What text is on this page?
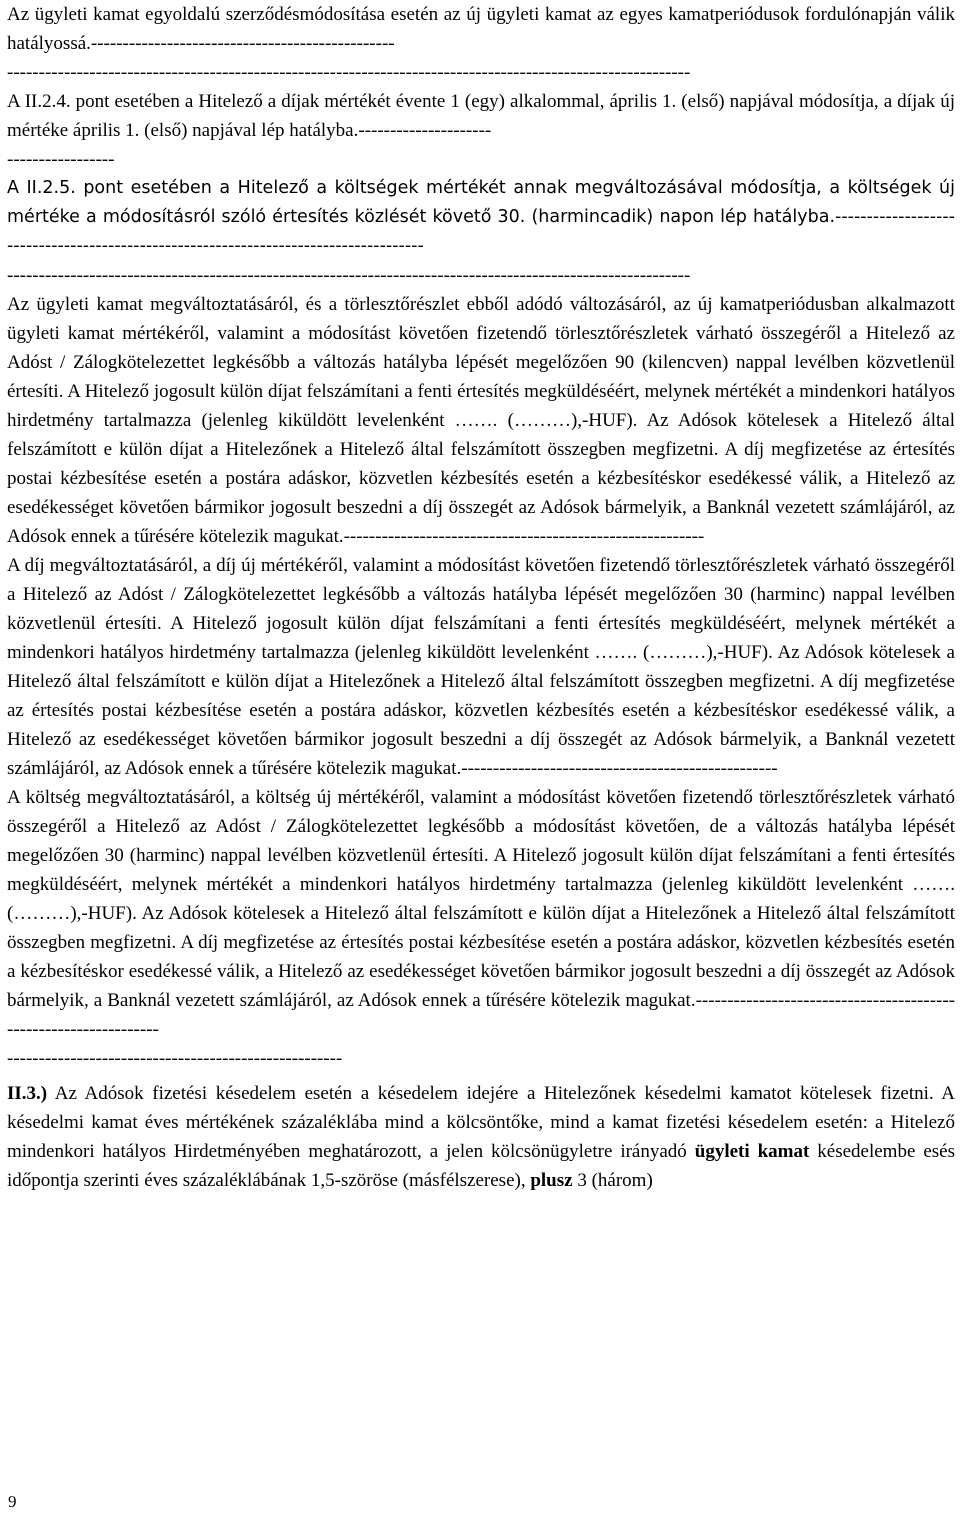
Az ügyleti kamat egyoldalú szerződésmódosítása esetén az új ügyleti kamat az egyes kamatperiódusok fordulónapján válik hatályossá.------------------------------------------------

------------------------------------------------------------------------------------------------------------

A II.2.4. pont esetében a Hitelező a díjak mértékét évente 1 (egy) alkalommal, április 1. (első) napjával módosítja, a díjak új mértéke április 1. (első) napjával lép hatályba.---------------------

-----------------

A II.2.5. pont esetében a Hitelező a költségek mértékét annak megváltozásával módosítja, a költségek új mértéke a módosításról szóló értesítés közlését követő 30. (harmincadik) napon lép hatályba.-------------------------------------------------------------------------------------

------------------------------------------------------------------------------------------------------------

Az ügyleti kamat megváltoztatásáról, és a törlesztőrészlet ebből adódó változásáról, az új kamatperiódusban alkalmazott ügyleti kamat mértékéről, valamint a módosítást követően fizetendő törlesztőrészletek várható összegéről a Hitelező az Adóst / Zálogkötelezettet legkésőbb a változás hatályba lépését megelőzően 90 (kilencven) nappal levélben közvetlenül értesíti. A Hitelező jogosult külön díjat felszámítani a fenti értesítés megküldéséért, melynek mértékét a mindenkori hatályos hirdetmény tartalmazza (jelenleg kiküldött levelenként ……. (………),-HUF). Az Adósok kötelesek a Hitelező által felszámított e külön díjat a Hitelezőnek a Hitelező által felszámított összegben megfizetni. A díj megfizetése az értesítés postai kézbesítése esetén a postára adáskor, közvetlen kézbesítés esetén a kézbesítéskor esedékessé válik, a Hitelező az esedékességet követően bármikor jogosult beszedni a díj összegét az Adósok bármelyik, a Banknál vezetett számlájáról, az Adósok ennek a tűrésére kötelezik magukat.---------------------------------------------------------

A díj megváltoztatásáról, a díj új mértékéről, valamint a módosítást követően fizetendő törlesztőrészletek várható összegéről a Hitelező az Adóst / Zálogkötelezettet legkésőbb a változás hatályba lépését megelőzően 30 (harminc) nappal levélben közvetlenül értesíti. A Hitelező jogosult külön díjat felszámítani a fenti értesítés megküldéséért, melynek mértékét a mindenkori hatályos hirdetmény tartalmazza (jelenleg kiküldött levelenként ……. (………),-HUF). Az Adósok kötelesek a Hitelező által felszámított e külön díjat a Hitelezőnek a Hitelező által felszámított összegben megfizetni. A díj megfizetése az értesítés postai kézbesítése esetén a postára adáskor, közvetlen kézbesítés esetén a kézbesítéskor esedékessé válik, a Hitelező az esedékességet követően bármikor jogosult beszedni a díj összegét az Adósok bármelyik, a Banknál vezetett számlájáról, az Adósok ennek a tűrésére kötelezik magukat.--------------------------------------------------

A költség megváltoztatásáról, a költség új mértékéről, valamint a módosítást követően fizetendő törlesztőrészletek várható összegéről a Hitelező az Adóst / Zálogkötelezettet legkésőbb a módosítást követően, de a változás hatályba lépését megelőzően 30 (harminc) nappal levélben közvetlenül értesíti. A Hitelező jogosult külön díjat felszámítani a fenti értesítés megküldéséért, melynek mértékét a mindenkori hatályos hirdetmény tartalmazza (jelenleg kiküldött levelenként ……. (………),-HUF). Az Adósok kötelesek a Hitelező által felszámított e külön díjat a Hitelezőnek a Hitelező által felszámított összegben megfizetni. A díj megfizetése az értesítés postai kézbesítése esetén a postára adáskor, közvetlen kézbesítés esetén a kézbesítéskor esedékessé válik, a Hitelező az esedékességet követően bármikor jogosult beszedni a díj összegét az Adósok bármelyik, a Banknál vezetett számlájáról, az Adósok ennek a tűrésére kötelezik magukat.-----------------------------------------------------------------

-----------------------------------------------------

II.3.) Az Adósok fizetési késedelem esetén a késedelem idejére a Hitelezőnek késedelmi kamatot kötelesek fizetni. A késedelmi kamat éves mértékének százaléklába mind a kölcsöntőke, mind a kamat fizetési késedelem esetén: a Hitelező mindenkori hatályos Hirdetményében meghatározott, a jelen kölcsönügyletre irányadó ügyleti kamat késedelembe esés időpontja szerinti éves százaléklábának 1,5-szöröse (másfélszerese), plusz 3 (három)

9
